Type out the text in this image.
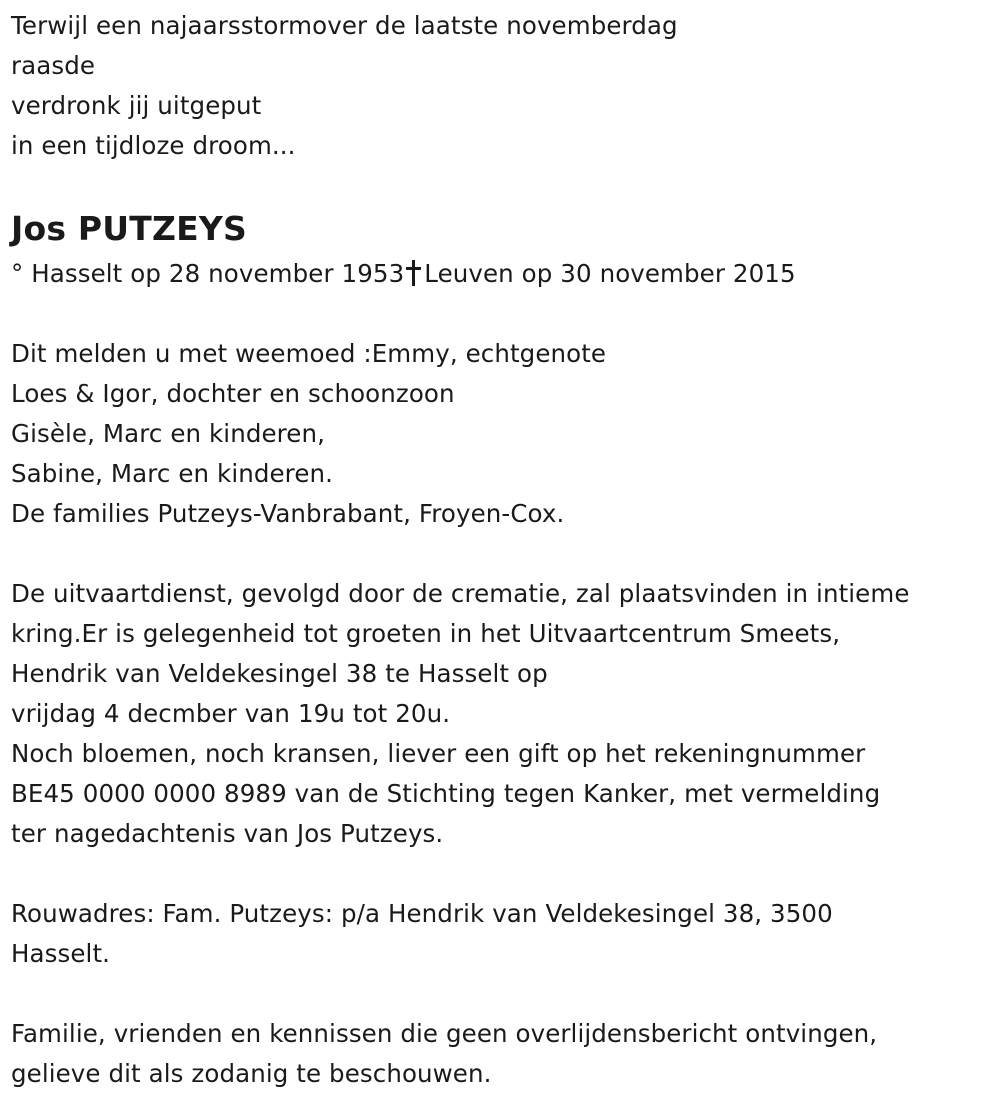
Terwijl een najaarsstormover de laatste novemberdag
raasde
verdronk jij uitgeput
in een tijdloze droom...
Jos PUTZEYS
° Hasselt op 28 november 1953 Leuven op 30 november 2015
Dit melden u met weemoed :Emmy, echtgenote
Loes & Igor, dochter en schoonzoon
Gisèle, Marc en kinderen,
Sabine, Marc en kinderen.
De families Putzeys-Vanbrabant, Froyen-Cox.
De uitvaartdienst, gevolgd door de crematie, zal plaatsvinden in intieme
kring.Er is gelegenheid tot groeten in het Uitvaartcentrum Smeets,
Hendrik van Veldekesingel 38 te Hasselt op
vrijdag 4 decmber van 19u tot 20u.
Noch bloemen, noch kransen, liever een gift op het rekeningnummer
BE45 0000 0000 8989 van de Stichting tegen Kanker, met vermelding
ter nagedachtenis van Jos Putzeys.
Rouwadres: Fam. Putzeys: p/a Hendrik van Veldekesingel 38, 3500
Hasselt.
Familie, vrienden en kennissen die geen overlijdensbericht ontvingen,
gelieve dit als zodanig te beschouwen.
